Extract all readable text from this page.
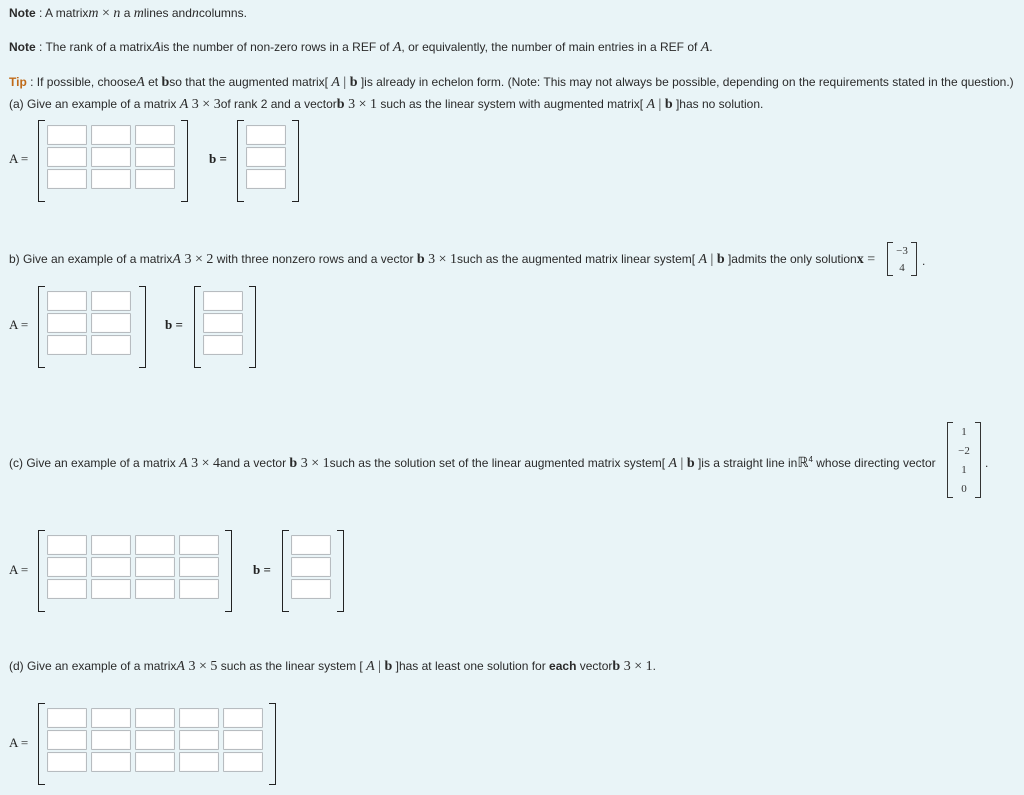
Note : A matrixm × n a mlines andncolumns.
Note : The rank of a matrixAis the number of non-zero rows in a REF of A, or equivalently, the number of main entries in a REF of A.
Tip : If possible, chooseA et bso that the augmented matrix[ A | b ]is already in echelon form. (Note: This may not always be possible, depending on the requirements stated in the question.)
(a) Give an example of a matrix A 3 × 3of rank 2 and a vectorb 3 × 1 such as the linear system with augmented matrix[ A | b ]has no solution.
A =	b =
b) Give an example of a matrixA 3 × 2 with three nonzero rows and a vector b 3 × 1such as the augmented matrix linear system[ A | b ]admits the only solutionx =
−3
4 .
A =	b =
(c) Give an example of a matrix A 3 × 4and a vector b 3 × 1such as the solution set of the linear augmented matrix system[ A | b ]is a straight line inℝ$^4$ whose directing vector
1
−2
1
0
.
A =	b =
(d) Give an example of a matrixA 3 × 5 such as the linear system [ A | b ]has at least one solution for each vectorb 3 × 1.
A =
